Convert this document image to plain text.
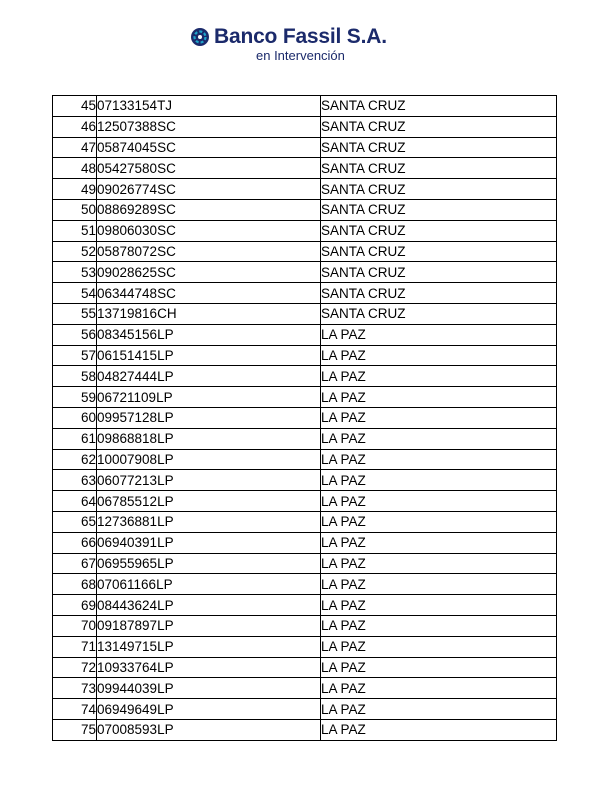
Banco Fassil S.A.
en Intervención
45	07133154TJ	SANTA CRUZ
46	12507388SC	SANTA CRUZ
47	05874045SC	SANTA CRUZ
48	05427580SC	SANTA CRUZ
49	09026774SC	SANTA CRUZ
50	08869289SC	SANTA CRUZ
51	09806030SC	SANTA CRUZ
52	05878072SC	SANTA CRUZ
53	09028625SC	SANTA CRUZ
54	06344748SC	SANTA CRUZ
55	13719816CH	SANTA CRUZ
56	08345156LP	LA PAZ
57	06151415LP	LA PAZ
58	04827444LP	LA PAZ
59	06721109LP	LA PAZ
60	09957128LP	LA PAZ
61	09868818LP	LA PAZ
62	10007908LP	LA PAZ
63	06077213LP	LA PAZ
64	06785512LP	LA PAZ
65	12736881LP	LA PAZ
66	06940391LP	LA PAZ
67	06955965LP	LA PAZ
68	07061166LP	LA PAZ
69	08443624LP	LA PAZ
70	09187897LP	LA PAZ
71	13149715LP	LA PAZ
72	10933764LP	LA PAZ
73	09944039LP	LA PAZ
74	06949649LP	LA PAZ
75	07008593LP	LA PAZ
